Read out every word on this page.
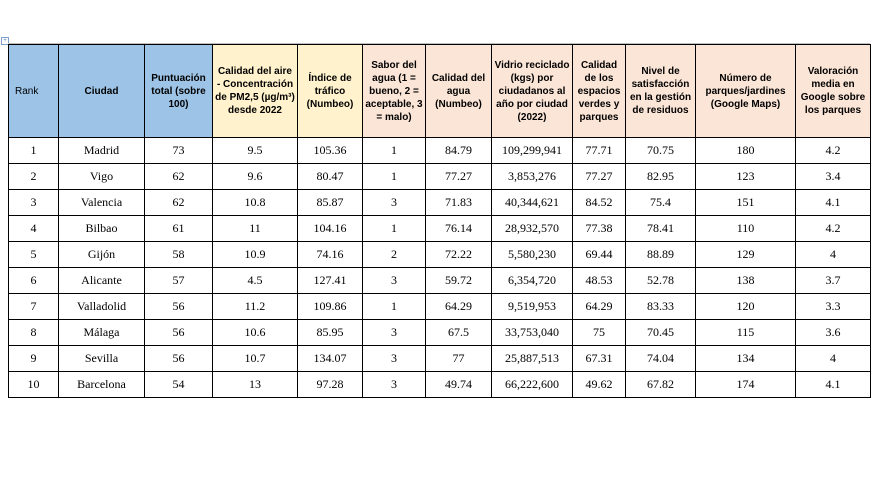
+
Rank	Ciudad	Puntuación total (sobre 100)	Calidad del aire - Concentración de PM2,5 (µg/m³) desde 2022	Índice de tráfico (Numbeo)	Sabor del agua (1 = bueno, 2 = aceptable, 3 = malo)	Calidad del agua (Numbeo)	Vidrio reciclado (kgs) por ciudadanos al año por ciudad (2022)	Calidad de los espacios verdes y parques	Nivel de satisfacción en la gestión de residuos	Número de parques/jardines (Google Maps)	Valoración media en Google sobre los parques
1	Madrid	73	9.5	105.36	1	84.79	109,299,941	77.71	70.75	180	4.2
2	Vigo	62	9.6	80.47	1	77.27	3,853,276	77.27	82.95	123	3.4
3	Valencia	62	10.8	85.87	3	71.83	40,344,621	84.52	75.4	151	4.1
4	Bilbao	61	11	104.16	1	76.14	28,932,570	77.38	78.41	110	4.2
5	Gijón	58	10.9	74.16	2	72.22	5,580,230	69.44	88.89	129	4
6	Alicante	57	4.5	127.41	3	59.72	6,354,720	48.53	52.78	138	3.7
7	Valladolid	56	11.2	109.86	1	64.29	9,519,953	64.29	83.33	120	3.3
8	Málaga	56	10.6	85.95	3	67.5	33,753,040	75	70.45	115	3.6
9	Sevilla	56	10.7	134.07	3	77	25,887,513	67.31	74.04	134	4
10	Barcelona	54	13	97.28	3	49.74	66,222,600	49.62	67.82	174	4.1
